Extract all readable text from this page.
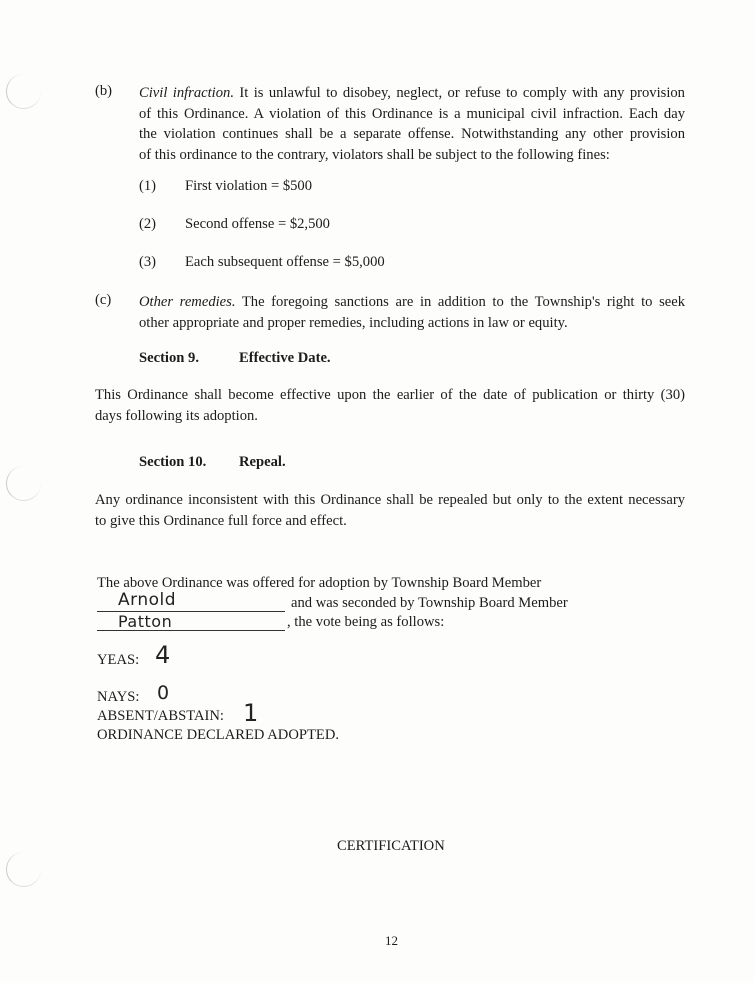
(b) Civil infraction. It is unlawful to disobey, neglect, or refuse to comply with any provision
of this Ordinance. A violation of this Ordinance is a municipal civil infraction. Each day
the violation continues shall be a separate offense. Notwithstanding any other provision
of this ordinance to the contrary, violators shall be subject to the following fines:
(1) First violation = $500
(2) Second offense = $2,500
(3) Each subsequent offense = $5,000
(c) Other remedies. The foregoing sanctions are in addition to the Township's right to seek
other appropriate and proper remedies, including actions in law or equity.
Section 9.	Effective Date.
This Ordinance shall become effective upon the earlier of the date of publication or thirty (30)
days following its adoption.
Section 10. Repeal.
Any ordinance inconsistent with this Ordinance shall be repealed but only to the extent necessary
to give this Ordinance full force and effect.
The above Ordinance was offered for adoption by Township Board Member
Arnold	and was seconded by Township Board Member
Patton	, the vote being as follows:
YEAS: 4
NAYS: 0
ABSENT/ABSTAIN: 1
ORDINANCE DECLARED ADOPTED.
CERTIFICATION
12
